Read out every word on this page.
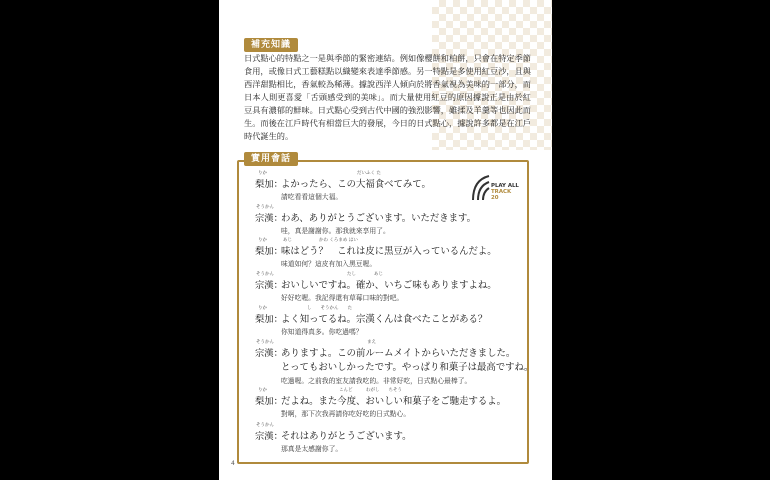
補充知識
日式點心的特點之一是與季節的緊密連結。例如像櫻餅和柏餅，只會在特定季節食用，或像日式工藝糕點以織變來表達季節感。另一特點是多使用紅豆沙，且與西洋甜點相比，香氣較為稀薄。據說西洋人傾向於將香氣視為美味的一部分，而日本人則更喜愛「舌頭感受到的美味」。而大量使用紅豆的原因據說正是由於紅豆具有濃郁的鮮味。日式點心受到古代中國的強烈影響，雖揉及羊羹等也因此而生。而後在江戶時代有相當巨大的發展，今日的日式點心，據說許多都是在江戶時代誕生的。
實用會話
PLAY ALL
TRACK 20
りか
梨加：
だいふく た
よかったら、この大福食べてみて。
請吃看看這個大福。
そうかん
宗漢：
わあ、ありがとうございます。いただきます。
哇，真是謝謝你。那我就來享用了。
りか
梨加：
あじ　　　　　　かわ くろまめ はい
味はどう？　これは皮に黒豆が入っているんだよ。
味道如何？這皮有加入黑豆喔。
そうかん
宗漢：
たし　　　　あじ
おいしいですね。確か、いちご味もありますよね。
好好吃喔。我記得還有草莓口味的對吧。
りか
梨加：
し　　そうかん　　た
よく知ってるね。宗漢くんは食べたことがある？
你知道得真多。你吃過嗎？
そうかん
宗漢：
まえ
ありますよ。この前ルームメイトからいただきました。
とってもおいしかったです。やっぱり和菓子は最高ですね。
吃過喔。之前我的室友請我吃的。非常好吃，日式點心最棒了。
りか
梨加：
こんど　　　わがし　　ちそう
だよね。また今度、おいしい和菓子をご馳走するよ。
對啊，那下次我再請你吃好吃的日式點心。
そうかん
宗漢：
それはありがとうございます。
那真是太感謝你了。
4
